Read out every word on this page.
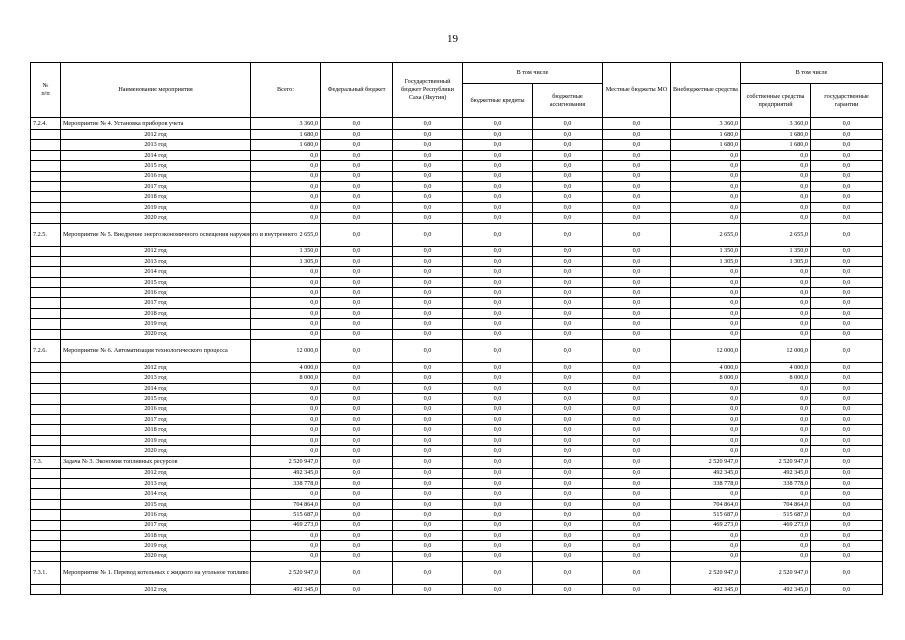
19
№
п/п	Наименование мероприятия	Всего:	Федеральный бюджет	Государственный бюджет Республики Саха (Якутия)	В том числе		Местные бюджеты МО	Внебюджетные средства	В том числе	
					бюджетные кредиты	бюджетные ассигнования			собственные средства предприятий	государственные гарантии
7.2.4.	Мероприятие № 4. Установка приборов учета	3 360,0	0,0	0,0	0,0	0,0	0,0	3 360,0	3 360,0	0,0
	2012 год	1 680,0	0,0	0,0	0,0	0,0	0,0	1 680,0	1 680,0	0,0
	2013 год	1 680,0	0,0	0,0	0,0	0,0	0,0	1 680,0	1 680,0	0,0
	2014 год	0,0	0,0	0,0	0,0	0,0	0,0	0,0	0,0	0,0
	2015 год	0,0	0,0	0,0	0,0	0,0	0,0	0,0	0,0	0,0
	2016 год	0,0	0,0	0,0	0,0	0,0	0,0	0,0	0,0	0,0
	2017 год	0,0	0,0	0,0	0,0	0,0	0,0	0,0	0,0	0,0
	2018 год	0,0	0,0	0,0	0,0	0,0	0,0	0,0	0,0	0,0
	2019 год	0,0	0,0	0,0	0,0	0,0	0,0	0,0	0,0	0,0
	2020 год	0,0	0,0	0,0	0,0	0,0	0,0	0,0	0,0	0,0
7.2.5.	Мероприятие № 5. Внедрение энергоэкономичного освещения наружного и внутреннего	2 655,0	0,0	0,0	0,0	0,0	0,0	2 655,0	2 655,0	0,0
	2012 год	1 350,0	0,0	0,0	0,0	0,0	0,0	1 350,0	1 350,0	0,0
	2013 год	1 305,0	0,0	0,0	0,0	0,0	0,0	1 305,0	1 305,0	0,0
	2014 год	0,0	0,0	0,0	0,0	0,0	0,0	0,0	0,0	0,0
	2015 год	0,0	0,0	0,0	0,0	0,0	0,0	0,0	0,0	0,0
	2016 год	0,0	0,0	0,0	0,0	0,0	0,0	0,0	0,0	0,0
	2017 год	0,0	0,0	0,0	0,0	0,0	0,0	0,0	0,0	0,0
	2018 год	0,0	0,0	0,0	0,0	0,0	0,0	0,0	0,0	0,0
	2019 год	0,0	0,0	0,0	0,0	0,0	0,0	0,0	0,0	0,0
	2020 год	0,0	0,0	0,0	0,0	0,0	0,0	0,0	0,0	0,0
7.2.6.	Мероприятие № 6. Автоматизация технологического процесса	12 000,0	0,0	0,0	0,0	0,0	0,0	12 000,0	12 000,0	0,0
	2012 год	4 000,0	0,0	0,0	0,0	0,0	0,0	4 000,0	4 000,0	0,0
	2013 год	8 000,0	0,0	0,0	0,0	0,0	0,0	8 000,0	8 000,0	0,0
	2014 год	0,0	0,0	0,0	0,0	0,0	0,0	0,0	0,0	0,0
	2015 год	0,0	0,0	0,0	0,0	0,0	0,0	0,0	0,0	0,0
	2016 год	0,0	0,0	0,0	0,0	0,0	0,0	0,0	0,0	0,0
	2017 год	0,0	0,0	0,0	0,0	0,0	0,0	0,0	0,0	0,0
	2018 год	0,0	0,0	0,0	0,0	0,0	0,0	0,0	0,0	0,0
	2019 год	0,0	0,0	0,0	0,0	0,0	0,0	0,0	0,0	0,0
	2020 год	0,0	0,0	0,0	0,0	0,0	0,0	0,0	0,0	0,0
7.3.	Задача № 3. Экономия топливных ресурсов	2 520 947,0	0,0	0,0	0,0	0,0	0,0	2 520 947,0	2 520 947,0	0,0
	2012 год	492 345,0	0,0	0,0	0,0	0,0	0,0	492 345,0	492 345,0	0,0
	2013 год	338 778,0	0,0	0,0	0,0	0,0	0,0	338 778,0	338 778,0	0,0
	2014 год	0,0	0,0	0,0	0,0	0,0	0,0	0,0	0,0	0,0
	2015 год	704 864,0	0,0	0,0	0,0	0,0	0,0	704 864,0	704 864,0	0,0
	2016 год	515 687,0	0,0	0,0	0,0	0,0	0,0	515 687,0	515 687,0	0,0
	2017 год	469 273,0	0,0	0,0	0,0	0,0	0,0	469 273,0	469 273,0	0,0
	2018 год	0,0	0,0	0,0	0,0	0,0	0,0	0,0	0,0	0,0
	2019 год	0,0	0,0	0,0	0,0	0,0	0,0	0,0	0,0	0,0
	2020 год	0,0	0,0	0,0	0,0	0,0	0,0	0,0	0,0	0,0
7.3.1.	Мероприятие № 1. Перевод котельных с жидкого на угольное топливо	2 520 947,0	0,0	0,0	0,0	0,0	0,0	2 520 947,0	2 520 947,0	0,0
	2012 год	492 345,0	0,0	0,0	0,0	0,0	0,0	492 345,0	492 345,0	0,0
